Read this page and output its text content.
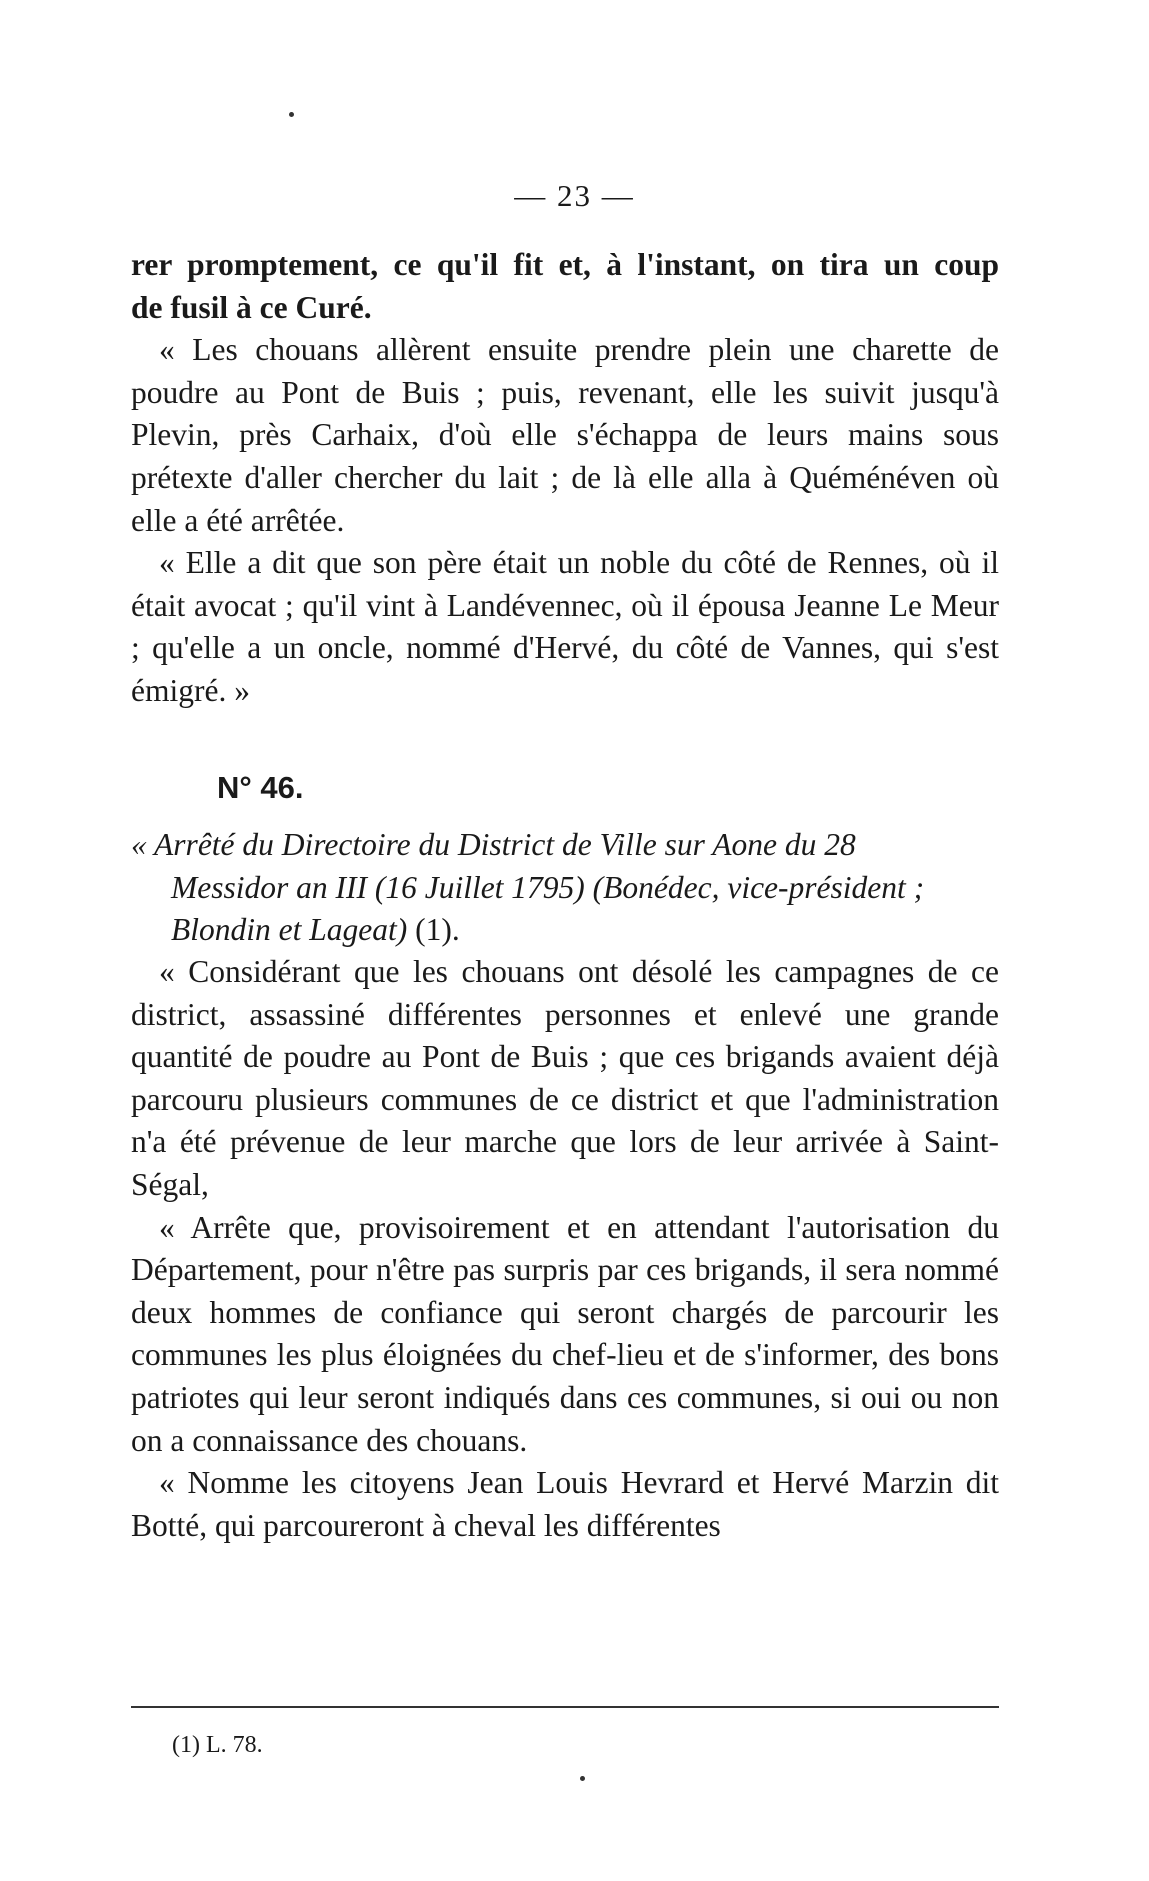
— 23 —

rer promptement, ce qu'il fit et, à l'instant, on tira un coup

de fusil à ce Curé.

« Les chouans allèrent ensuite prendre plein une charette de poudre au Pont de Buis ; puis, revenant, elle les suivit jusqu'à Plevin, près Carhaix, d'où elle s'échappa de leurs mains sous prétexte d'aller chercher du lait ; de là elle alla à Quéménéven où elle a été arrêtée.

« Elle a dit que son père était un noble du côté de Rennes, où il était avocat ; qu'il vint à Landévennec, où il épousa Jeanne Le Meur ; qu'elle a un oncle, nommé d'Hervé, du côté de Vannes, qui s'est émigré. »

N° 46.
« Arrêté du Directoire du District de Ville sur Aone du 28
Messidor an III (16 Juillet 1795) (Bonédec, vice-président ;
Blondin et Lageat) (1).

« Considérant que les chouans ont désolé les campagnes de ce district, assassiné différentes personnes et enlevé une grande quantité de poudre au Pont de Buis ; que ces brigands avaient déjà parcouru plusieurs communes de ce district et que l'administration n'a été prévenue de leur marche que lors de leur arrivée à Saint-Ségal,

« Arrête que, provisoirement et en attendant l'autorisation du Département, pour n'être pas surpris par ces brigands, il sera nommé deux hommes de confiance qui seront chargés de parcourir les communes les plus éloignées du chef-lieu et de s'informer, des bons patriotes qui leur seront indiqués dans ces communes, si oui ou non on a connaissance des chouans.

« Nomme les citoyens Jean Louis Hevrard et Hervé Marzin dit Botté, qui parcoureront à cheval les différentes

(1) L. 78.
